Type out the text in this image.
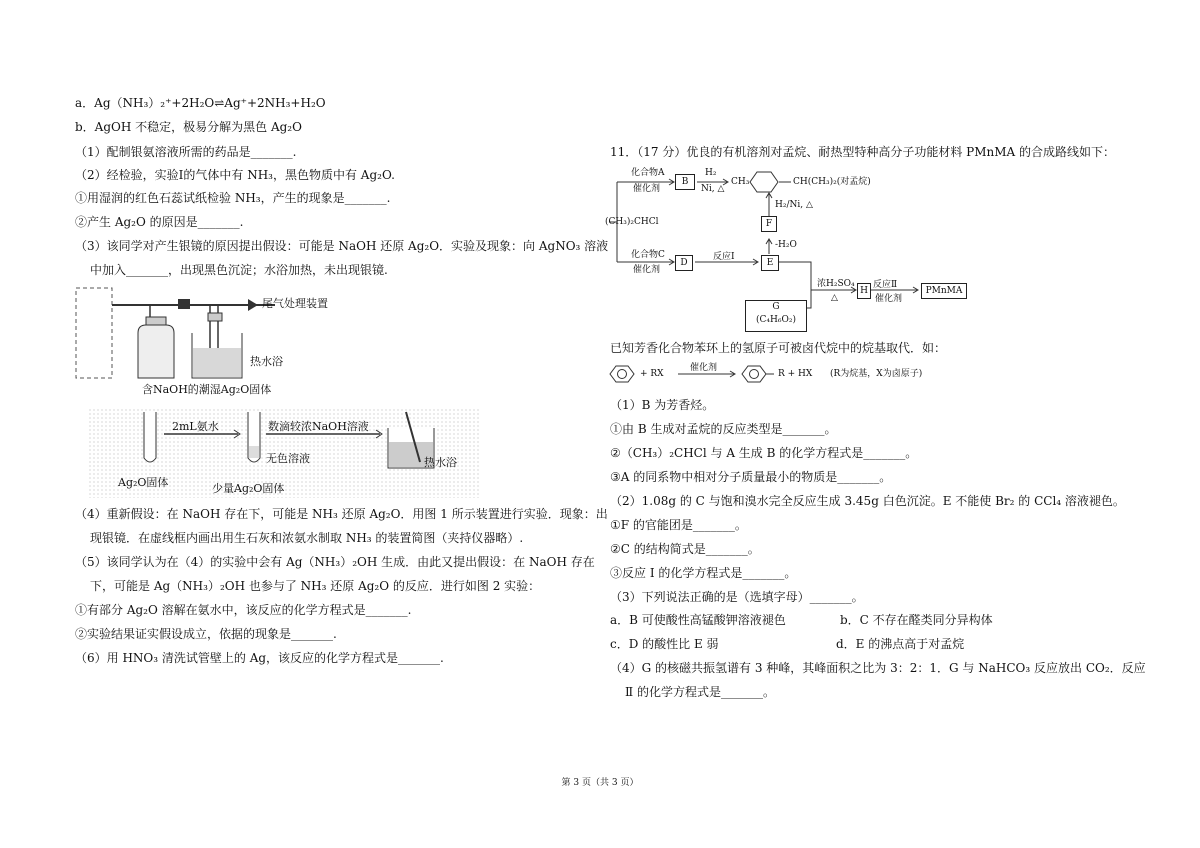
a．Ag（NH₃）₂⁺+2H₂O⇌Ag⁺+2NH₃+H₂O
b．AgOH 不稳定，极易分解为黑色 Ag₂O
（1）配制银氨溶液所需的药品是_______.
（2）经检验，实验Ⅰ的气体中有 NH₃，黑色物质中有 Ag₂O.
①用湿润的红色石蕊试纸检验 NH₃，产生的现象是_______.
②产生 Ag₂O 的原因是_______.
（3）该同学对产生银镜的原因提出假设：可能是 NaOH 还原 Ag₂O．实验及现象：向 AgNO₃ 溶液
中加入_______，出现黑色沉淀；水浴加热，未出现银镜.
尾气处理装置
热水浴
含NaOH的潮湿Ag₂O固体
2mL氨水	数滴较浓NaOH溶液
无色溶液	热水浴
Ag₂O固体	少量Ag₂O固体
（4）重新假设：在 NaOH 存在下，可能是 NH₃ 还原 Ag₂O．用图 1 所示装置进行实验．现象：出
现银镜．在虚线框内画出用生石灰和浓氨水制取 NH₃ 的装置简图（夹持仪器略）.
（5）该同学认为在（4）的实验中会有 Ag（NH₃）₂OH 生成．由此又提出假设：在 NaOH 存在
下，可能是 Ag（NH₃）₂OH 也参与了 NH₃ 还原 Ag₂O 的反应．进行如图 2 实验：
①有部分 Ag₂O 溶解在氨水中，该反应的化学方程式是_______.
②实验结果证实假设成立，依据的现象是_______.
（6）用 HNO₃ 清洗试管壁上的 Ag，该反应的化学方程式是_______.
11．（17 分）优良的有机溶剂对孟烷、耐热型特种高分子功能材料 PMnMA 的合成路线如下：
化合物A
催化剂
B
H₂
Ni, △
CH₃	CH(CH₃)₂(对孟烷)
H₂/Ni, △
F
-H₂O
(CH₃)₂CHCl
化合物C
催化剂
D
反应Ⅰ
E
浓H₂SO₄
△
H
反应Ⅱ
催化剂
PMnMA
G
(C₄H₆O₂)
已知芳香化合物苯环上的氢原子可被卤代烷中的烷基取代．如：
+ RX
催化剂
R + HX (R为烷基，X为卤原子)
（1）B 为芳香烃。
①由 B 生成对孟烷的反应类型是_______。
②（CH₃）₂CHCl 与 A 生成 B 的化学方程式是_______。
③A 的同系物中相对分子质量最小的物质是_______。
（2）1.08g 的 C 与饱和溴水完全反应生成 3.45g 白色沉淀。E 不能使 Br₂ 的 CCl₄ 溶液褪色。
①F 的官能团是_______。
②C 的结构简式是_______。
③反应 I 的化学方程式是_______。
（3）下列说法正确的是（选填字母）_______。
a．B 可使酸性高锰酸钾溶液褪色	b．C 不存在醛类同分异构体
c．D 的酸性比 E 弱	d．E 的沸点高于对孟烷
（4）G 的核磁共振氢谱有 3 种峰，其峰面积之比为 3：2：1．G 与 NaHCO₃ 反应放出 CO₂．反应
Ⅱ 的化学方程式是_______。
第 3 页（共 3 页）
